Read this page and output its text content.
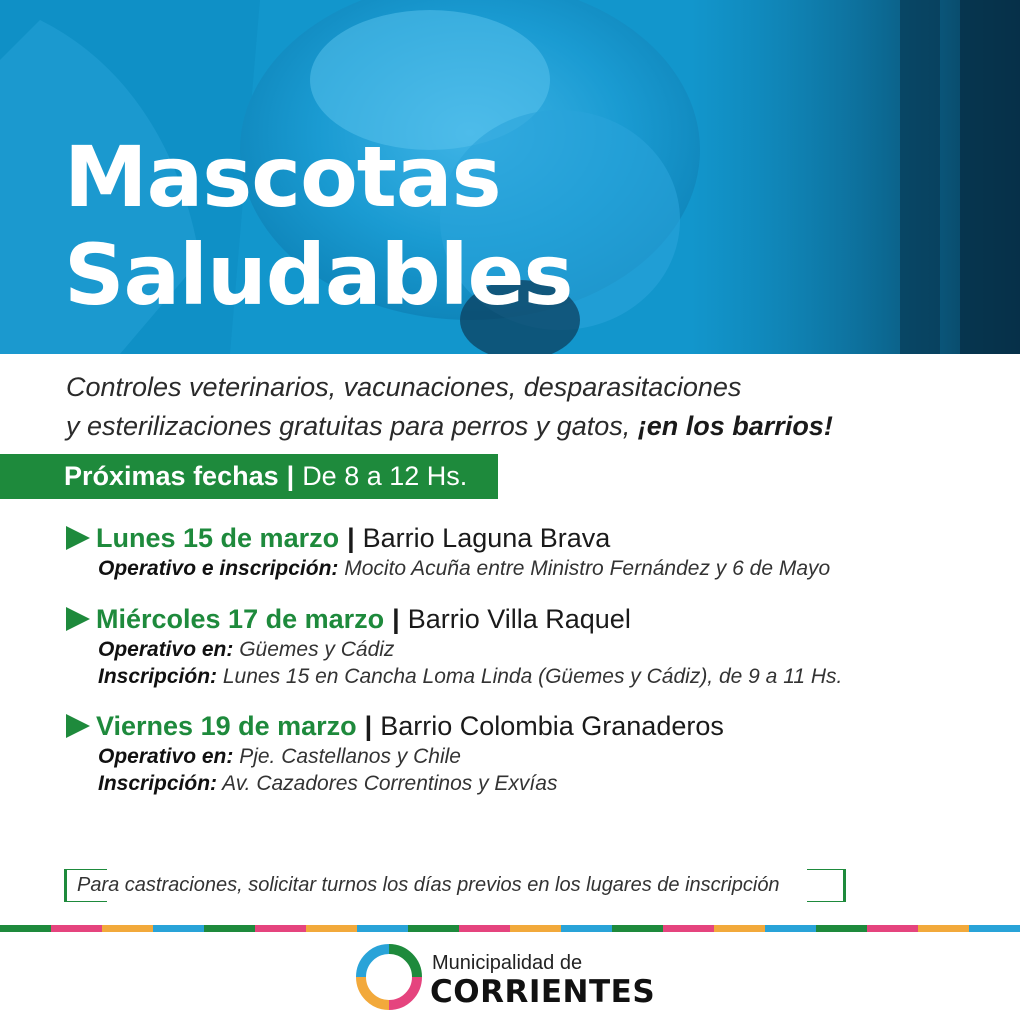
Mascotas
Saludables
Controles veterinarios, vacunaciones, desparasitaciones
y esterilizaciones gratuitas para perros y gatos, ¡en los barrios!
Próximas fechas | De 8 a 12 Hs.
Lunes 15 de marzo | Barrio Laguna Brava
Operativo e inscripción: Mocito Acuña entre Ministro Fernández y 6 de Mayo
Miércoles 17 de marzo | Barrio Villa Raquel
Operativo en: Güemes y Cádiz
Inscripción: Lunes 15 en Cancha Loma Linda (Güemes y Cádiz), de 9 a 11 Hs.
Viernes 19 de marzo | Barrio Colombia Granaderos
Operativo en: Pje. Castellanos y Chile
Inscripción: Av. Cazadores Correntinos y Exvías
Para castraciones, solicitar turnos los días previos en los lugares de inscripción
Municipalidad de
CORRIENTES
